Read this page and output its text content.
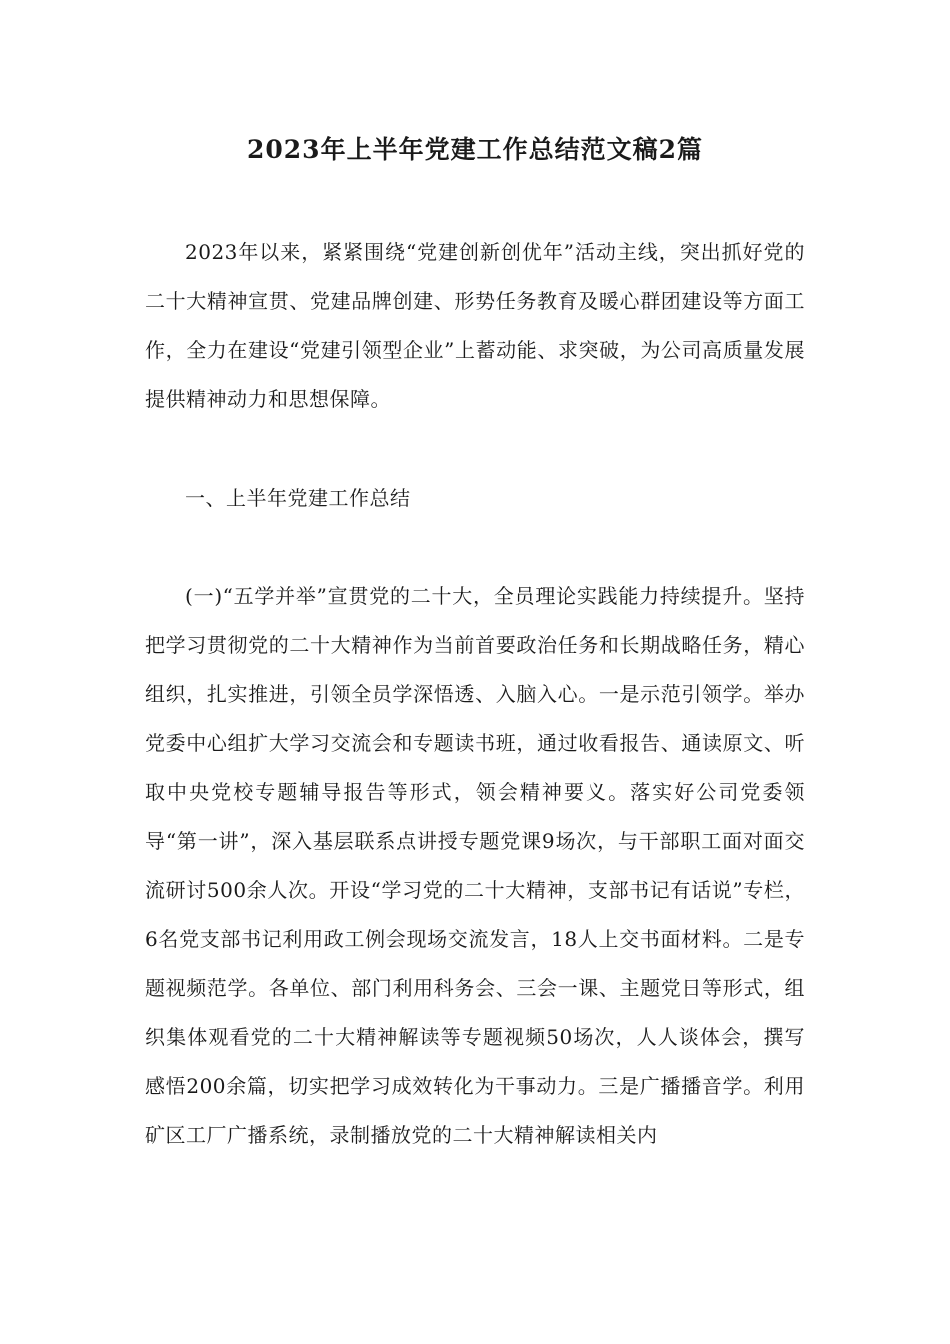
2023年上半年党建工作总结范文稿2篇

2023年以来，紧紧围绕“党建创新创优年”活动主线，突出抓好党的二十大精神宣贯、党建品牌创建、形势任务教育及暖心群团建设等方面工作，全力在建设“党建引领型企业”上蓄动能、求突破，为公司高质量发展提供精神动力和思想保障。

一、上半年党建工作总结

(一)“五学并举”宣贯党的二十大，全员理论实践能力持续提升。坚持把学习贯彻党的二十大精神作为当前首要政治任务和长期战略任务，精心组织，扎实推进，引领全员学深悟透、入脑入心。一是示范引领学。举办党委中心组扩大学习交流会和专题读书班，通过收看报告、通读原文、听取中央党校专题辅导报告等形式，领会精神要义。落实好公司党委领导“第一讲”，深入基层联系点讲授专题党课9场次，与干部职工面对面交流研讨500余人次。开设“学习党的二十大精神，支部书记有话说”专栏，6名党支部书记利用政工例会现场交流发言，18人上交书面材料。二是专题视频范学。各单位、部门利用科务会、三会一课、主题党日等形式，组织集体观看党的二十大精神解读等专题视频50场次，人人谈体会，撰写感悟200余篇，切实把学习成效转化为干事动力。三是广播播音学。利用矿区工厂广播系统，录制播放党的二十大精神解读相关内
